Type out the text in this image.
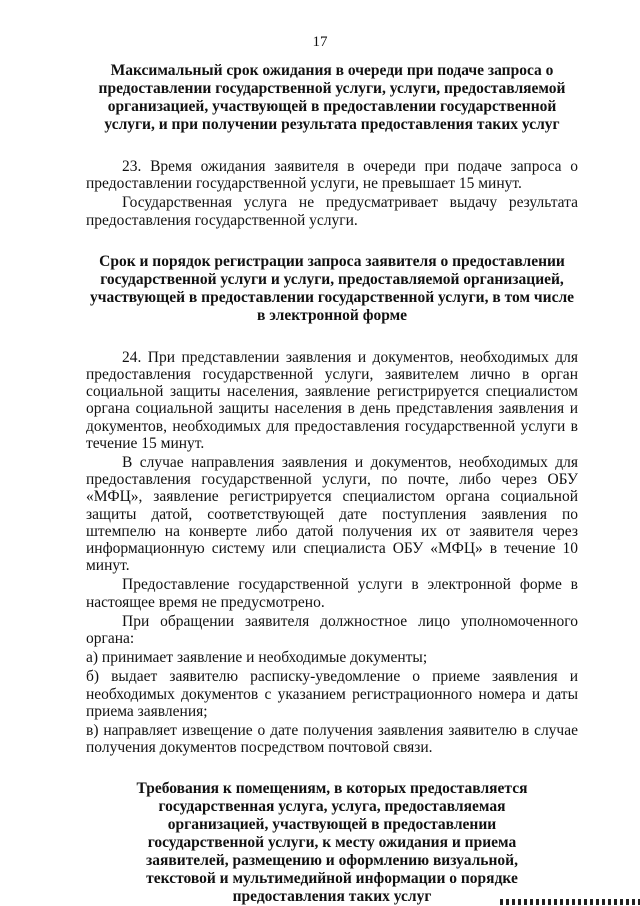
17

Максимальный срок ожидания в очереди при подаче запроса о предоставлении государственной услуги, услуги, предоставляемой организацией, участвующей в предоставлении государственной услуги, и при получении результата предоставления таких услуг

23. Время ожидания заявителя в очереди при подаче запроса о предоставлении государственной услуги, не превышает 15 минут.

Государственная услуга не предусматривает выдачу результата предоставления государственной услуги.

Срок и порядок регистрации запроса заявителя о предоставлении государственной услуги и услуги, предоставляемой организацией, участвующей в предоставлении государственной услуги, в том числе в электронной форме

24. При представлении заявления и документов, необходимых для предоставления государственной услуги, заявителем лично в орган социальной защиты населения, заявление регистрируется специалистом органа социальной защиты населения в день представления заявления и документов, необходимых для предоставления государственной услуги в течение 15 минут.

В случае направления заявления и документов, необходимых для предоставления государственной услуги, по почте, либо через ОБУ «МФЦ», заявление регистрируется специалистом органа социальной защиты датой, соответствующей дате поступления заявления по штемпелю на конверте либо датой получения их от заявителя через информационную систему или специалиста ОБУ «МФЦ» в течение 10 минут.

Предоставление государственной услуги в электронной форме в настоящее время не предусмотрено.

При обращении заявителя должностное лицо уполномоченного органа:

а) принимает заявление и необходимые документы;

б) выдает заявителю расписку-уведомление о приеме заявления и необходимых документов с указанием регистрационного номера и даты приема заявления;

в) направляет извещение о дате получения заявления заявителю в случае получения документов посредством почтовой связи.

Требования к помещениям, в которых предоставляется государственная услуга, услуга, предоставляемая организацией, участвующей в предоставлении государственной услуги, к месту ожидания и приема заявителей, размещению и оформлению визуальной, текстовой и мультимедийной информации о порядке предоставления таких услуг
